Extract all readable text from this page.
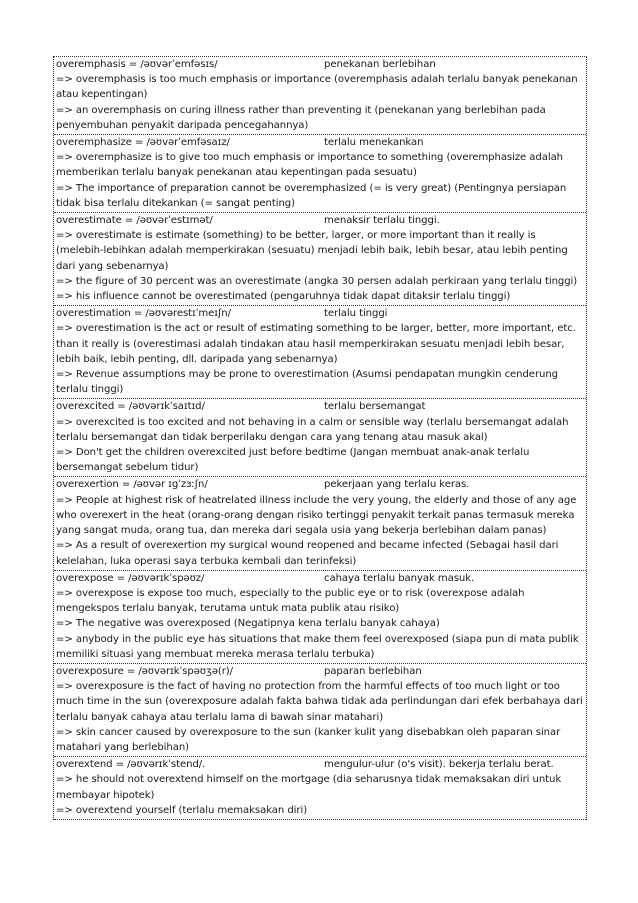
overemphasis = /əʊvərˈemfəsɪs/	penekanan berlebihan
=> overemphasis is too much emphasis or importance (overemphasis adalah terlalu banyak penekanan atau kepentingan)
=> an overemphasis on curing illness rather than preventing it (penekanan yang berlebihan pada penyembuhan penyakit daripada pencegahannya)
overemphasize = /əʊvərˈemfəsaɪz/	terlalu menekankan
=> overemphasize is to give too much emphasis or importance to something (overemphasize adalah memberikan terlalu banyak penekanan atau kepentingan pada sesuatu)
=> The importance of preparation cannot be overemphasized (= is very great) (Pentingnya persiapan tidak bisa terlalu ditekankan (= sangat penting)
overestimate = /əʊvərˈestɪmət/	menaksir terlalu tinggi.
=> overestimate is estimate (something) to be better, larger, or more important than it really is (melebih-lebihkan adalah memperkirakan (sesuatu) menjadi lebih baik, lebih besar, atau lebih penting dari yang sebenarnya)
=> the figure of 30 percent was an overestimate (angka 30 persen adalah perkiraan yang terlalu tinggi)
=> his influence cannot be overestimated (pengaruhnya tidak dapat ditaksir terlalu tinggi)
overestimation = /əʊvərestɪˈmeɪʃn/	terlalu tinggi
=> overestimation is the act or result of estimating something to be larger, better, more important, etc. than it really is (overestimasi adalah tindakan atau hasil memperkirakan sesuatu menjadi lebih besar, lebih baik, lebih penting, dll. daripada yang sebenarnya)
=> Revenue assumptions may be prone to overestimation (Asumsi pendapatan mungkin cenderung terlalu tinggi)
overexcited = /əʊvərɪkˈsaɪtɪd/	terlalu bersemangat
=> overexcited is too excited and not behaving in a calm or sensible way (terlalu bersemangat adalah terlalu bersemangat dan tidak berperilaku dengan cara yang tenang atau masuk akal)
=> Don't get the children overexcited just before bedtime (Jangan membuat anak-anak terlalu bersemangat sebelum tidur)
overexertion = /əʊvər ɪgˈzɜːʃn/	pekerjaan yang terlalu keras.
=> People at highest risk of heatrelated illness include the very young, the elderly and those of any age who overexert in the heat (orang-orang dengan risiko tertinggi penyakit terkait panas termasuk mereka yang sangat muda, orang tua, dan mereka dari segala usia yang bekerja berlebihan dalam panas)
=> As a result of overexertion my surgical wound reopened and became infected (Sebagai hasil dari kelelahan, luka operasi saya terbuka kembali dan terinfeksi)
overexpose = /əʊvərɪkˈspəʊz/	cahaya terlalu banyak masuk.
=> overexpose is expose too much, especially to the public eye or to risk (overexpose adalah mengekspos terlalu banyak, terutama untuk mata publik atau risiko)
=> The negative was overexposed (Negatipnya kena terlalu banyak cahaya)
=> anybody in the public eye has situations that make them feel overexposed (siapa pun di mata publik memiliki situasi yang membuat mereka merasa terlalu terbuka)
overexposure = /əʊvərɪkˈspəʊʒə(r)/	paparan berlebihan
=> overexposure is the fact of having no protection from the harmful effects of too much light or too much time in the sun (overexposure adalah fakta bahwa tidak ada perlindungan dari efek berbahaya dari terlalu banyak cahaya atau terlalu lama di bawah sinar matahari)
=> skin cancer caused by overexposure to the sun (kanker kulit yang disebabkan oleh paparan sinar matahari yang berlebihan)
overextend = /əʊvərɪkˈstend/.	mengulur-ulur (o's visit). bekerja terlalu berat.
=> he should not overextend himself on the mortgage (dia seharusnya tidak memaksakan diri untuk membayar hipotek)
=> overextend yourself (terlalu memaksakan diri)
